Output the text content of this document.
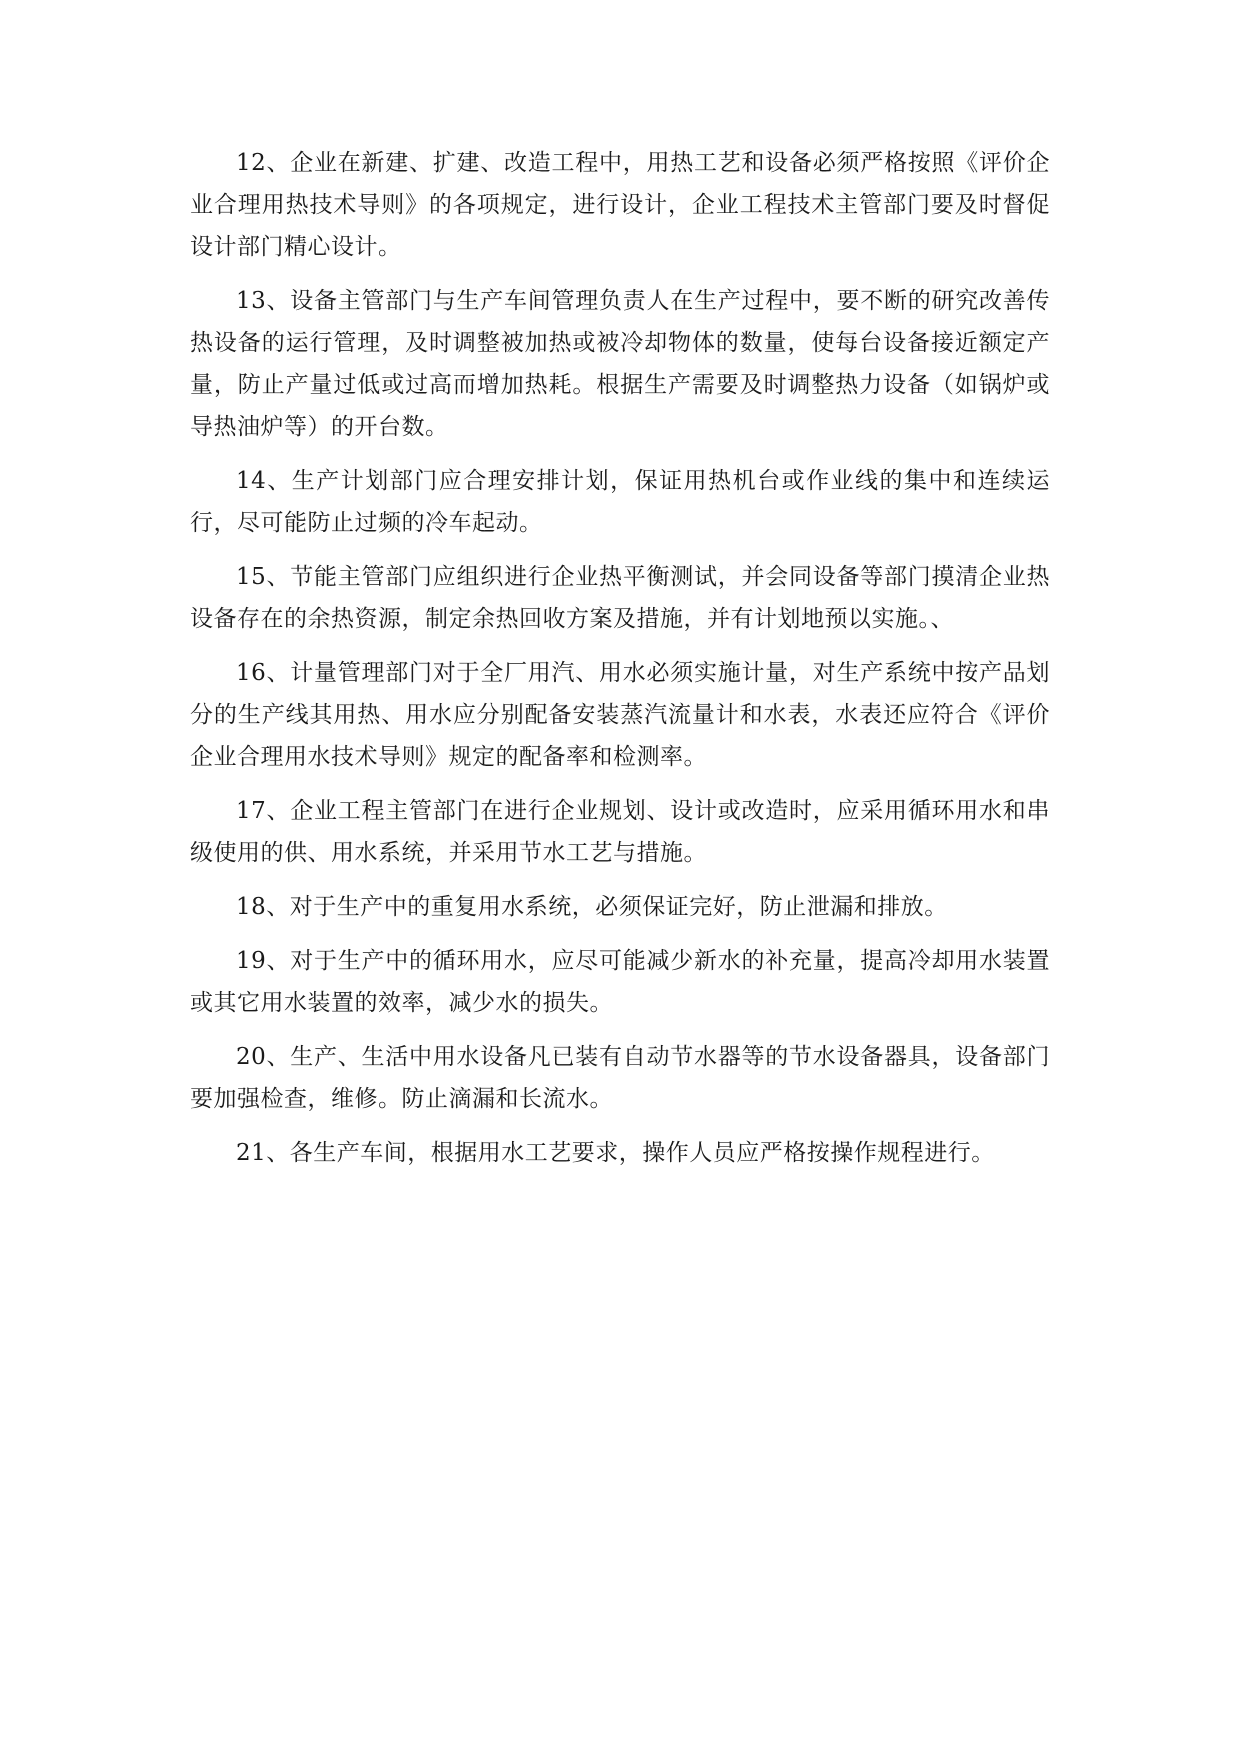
12、企业在新建、扩建、改造工程中，用热工艺和设备必须严格按照《评价企业合理用热技术导则》的各项规定，进行设计，企业工程技术主管部门要及时督促设计部门精心设计。

13、设备主管部门与生产车间管理负责人在生产过程中，要不断的研究改善传热设备的运行管理，及时调整被加热或被冷却物体的数量，使每台设备接近额定产量，防止产量过低或过高而增加热耗。根据生产需要及时调整热力设备（如锅炉或导热油炉等）的开台数。

14、生产计划部门应合理安排计划，保证用热机台或作业线的集中和连续运行，尽可能防止过频的冷车起动。

15、节能主管部门应组织进行企业热平衡测试，并会同设备等部门摸清企业热设备存在的余热资源，制定余热回收方案及措施，并有计划地预以实施。、

16、计量管理部门对于全厂用汽、用水必须实施计量，对生产系统中按产品划分的生产线其用热、用水应分别配备安装蒸汽流量计和水表，水表还应符合《评价企业合理用水技术导则》规定的配备率和检测率。

17、企业工程主管部门在进行企业规划、设计或改造时，应采用循环用水和串级使用的供、用水系统，并采用节水工艺与措施。

18、对于生产中的重复用水系统，必须保证完好，防止泄漏和排放。

19、对于生产中的循环用水，应尽可能减少新水的补充量，提高冷却用水装置或其它用水装置的效率，减少水的损失。

20、生产、生活中用水设备凡已装有自动节水器等的节水设备器具，设备部门要加强检查，维修。防止滴漏和长流水。

21、各生产车间，根据用水工艺要求，操作人员应严格按操作规程进行。
